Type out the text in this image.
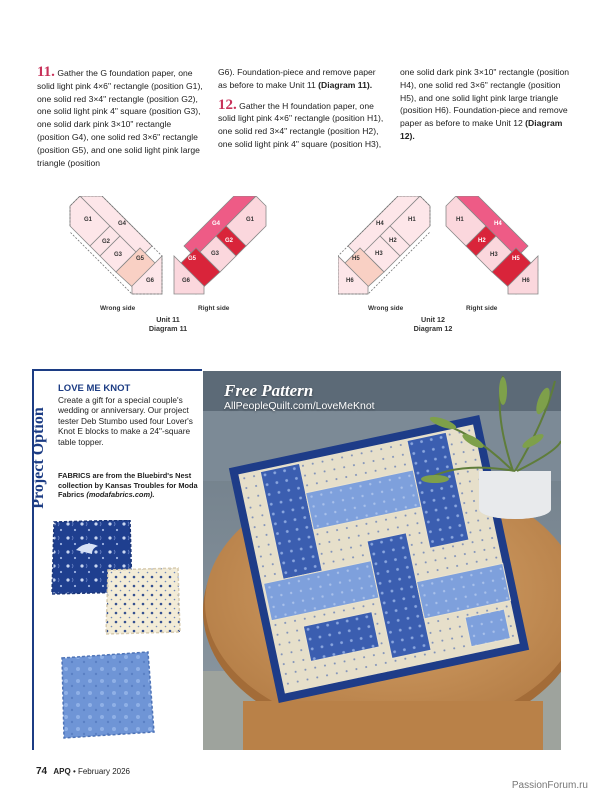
11. Gather the G foundation paper, one solid light pink 4×6" rectangle (position G1), one solid red 3×4" rectangle (position G2), one solid light pink 4" square (position G3), one solid dark pink 3×10" rectangle (position G4), one solid red 3×6" rectangle (position G5), and one solid light pink large triangle (position

G6). Foundation-piece and remove paper as before to make Unit 11 (Diagram 11).

12. Gather the H foundation paper, one solid light pink 4×6" rectangle (position H1), one solid red 3×4" rectangle (position H2), one solid light pink 4" square (position H3),

one solid dark pink 3×10" rectangle (position H4), one solid red 3×6" rectangle (position H5), and one solid light pink large triangle (position H6). Foundation-piece and remove paper as before to make Unit 12 (Diagram 12).

G1
G4
G2
G3
G5
G6
G1
G4
G2
G3
G5
G6
Wrong side	Right side
Unit 11
Diagram 11
H1
H4
H2
H3
H5
H6
H1
H4
H2
H3
H5
H6
Wrong side	Right side
Unit 12
Diagram 12
Project Option
LOVE ME KNOT
Create a gift for a special couple's wedding or anniversary. Our project tester Deb Stumbo used four Lover's Knot E blocks to make a 24"-square table topper.
FABRICS are from the Bluebird's Nest collection by Kansas Troubles for Moda Fabrics (modafabrics.com).
Free Pattern
AllPeopleQuilt.com/LoveMeKnot
74 APQ • February 2026
PassionForum.ru
